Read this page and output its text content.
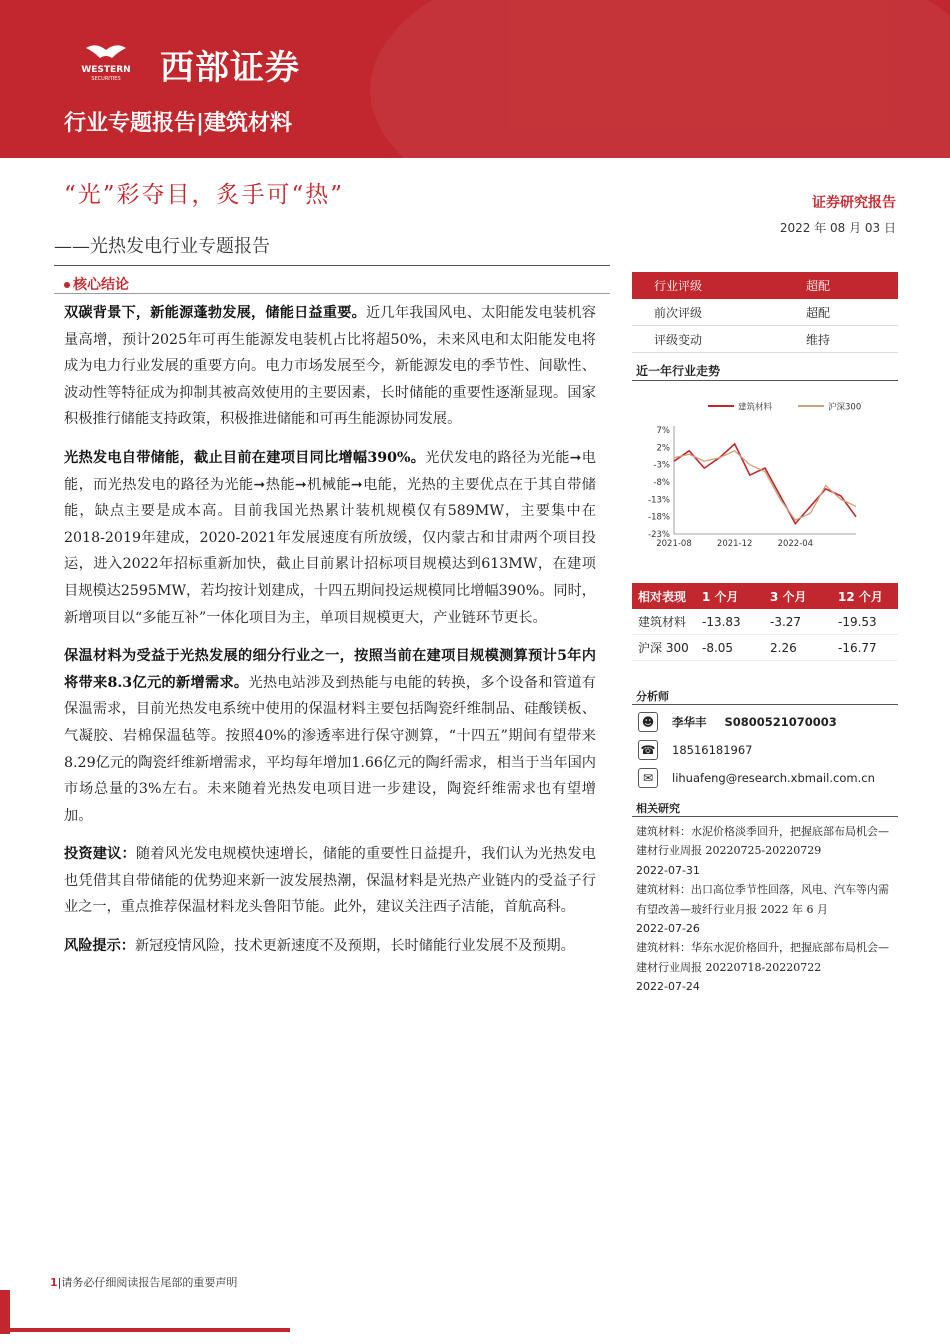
WESTERN
SECURITIES 西部证券
行业专题报告|建筑材料
“光”彩夺目，炙手可“热”
——光热发电行业专题报告
证券研究报告
2022 年 08 月 03 日
核心结论

双碳背景下，新能源蓬勃发展，储能日益重要。近几年我国风电、太阳能发电装机容量高增，预计2025年可再生能源发电装机占比将超50%，未来风电和太阳能发电将成为电力行业发展的重要方向。电力市场发展至今，新能源发电的季节性、间歇性、波动性等特征成为抑制其被高效使用的主要因素，长时储能的重要性逐渐显现。国家积极推行储能支持政策，积极推进储能和可再生能源协同发展。

光热发电自带储能，截止目前在建项目同比增幅390%。光伏发电的路径为光能➞电能，而光热发电的路径为光能➞热能➞机械能➞电能，光热的主要优点在于其自带储能，缺点主要是成本高。目前我国光热累计装机规模仅有589MW，主要集中在2018-2019年建成，2020-2021年发展速度有所放缓，仅内蒙古和甘肃两个项目投运，进入2022年招标重新加快，截止目前累计招标项目规模达到613MW，在建项目规模达2595MW，若均按计划建成，十四五期间投运规模同比增幅390%。同时，新增项目以“多能互补”一体化项目为主，单项目规模更大，产业链环节更长。

保温材料为受益于光热发展的细分行业之一，按照当前在建项目规模测算预计5年内将带来8.3亿元的新增需求。光热电站涉及到热能与电能的转换，多个设备和管道有保温需求，目前光热发电系统中使用的保温材料主要包括陶瓷纤维制品、硅酸镁板、气凝胶、岩棉保温毡等。按照40%的渗透率进行保守测算，“十四五”期间有望带来8.29亿元的陶瓷纤维新增需求，平均每年增加1.66亿元的陶纤需求，相当于当年国内市场总量的3%左右。未来随着光热发电项目进一步建设，陶瓷纤维需求也有望增加。

投资建议：随着风光发电规模快速增长，储能的重要性日益提升，我们认为光热发电也凭借其自带储能的优势迎来新一波发展热潮，保温材料是光热产业链内的受益子行业之一，重点推荐保温材料龙头鲁阳节能。此外，建议关注西子洁能，首航高科。

风险提示：新冠疫情风险，技术更新速度不及预期，长时储能行业发展不及预期。

行业评级	超配
前次评级	超配
评级变动	维持
近一年行业走势
7%
2%
-3%
-8%
-13%
-18%
-23%
2021-08	2021-12	2022-04
建筑材料	沪深300
相对表现	1 个月	3 个月	12 个月
建筑材料	-13.83	-3.27	-19.53
沪深 300	-8.05	2.26	-16.77
分析师
☻	李华丰 S0800521070003
☎ 18516181967
✉	lihuafeng@research.xbmail.com.cn
相关研究
建筑材料：水泥价格淡季回升，把握底部布局机会—建材行业周报 20220725-20220729
2022-07-31
建筑材料：出口高位季节性回落，风电、汽车等内需有望改善—玻纤行业月报 2022 年 6 月
2022-07-26
建筑材料：华东水泥价格回升，把握底部布局机会—建材行业周报 20220718-20220722
2022-07-24
1|请务必仔细阅读报告尾部的重要声明
